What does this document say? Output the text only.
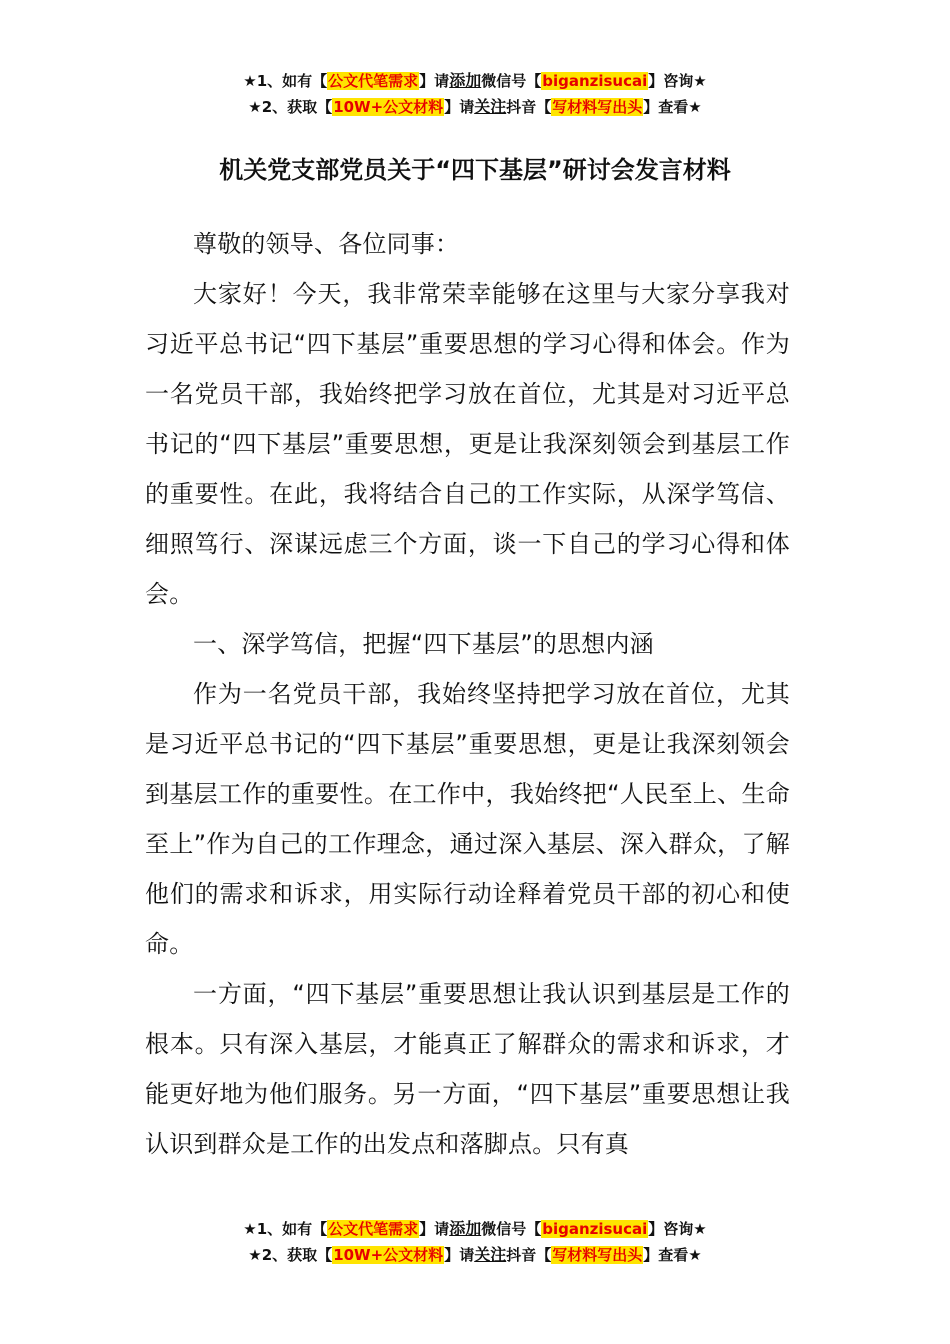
★1、如有【公文代笔需求】请添加微信号【biganzisucai】咨询★
★2、获取【10W+公文材料】请关注抖音【写材料写出头】查看★
机关党支部党员关于“四下基层”研讨会发言材料

尊敬的领导、各位同事：

大家好！今天，我非常荣幸能够在这里与大家分享我对习近平总书记“四下基层”重要思想的学习心得和体会。作为一名党员干部，我始终把学习放在首位，尤其是对习近平总书记的“四下基层”重要思想，更是让我深刻领会到基层工作的重要性。在此，我将结合自己的工作实际，从深学笃信、细照笃行、深谋远虑三个方面，谈一下自己的学习心得和体会。

一、深学笃信，把握“四下基层”的思想内涵

作为一名党员干部，我始终坚持把学习放在首位，尤其是习近平总书记的“四下基层”重要思想，更是让我深刻领会到基层工作的重要性。在工作中，我始终把“人民至上、生命至上”作为自己的工作理念，通过深入基层、深入群众，了解他们的需求和诉求，用实际行动诠释着党员干部的初心和使命。

一方面，“四下基层”重要思想让我认识到基层是工作的根本。只有深入基层，才能真正了解群众的需求和诉求，才能更好地为他们服务。另一方面，“四下基层”重要思想让我认识到群众是工作的出发点和落脚点。只有真

★1、如有【公文代笔需求】请添加微信号【biganzisucai】咨询★
★2、获取【10W+公文材料】请关注抖音【写材料写出头】查看★
